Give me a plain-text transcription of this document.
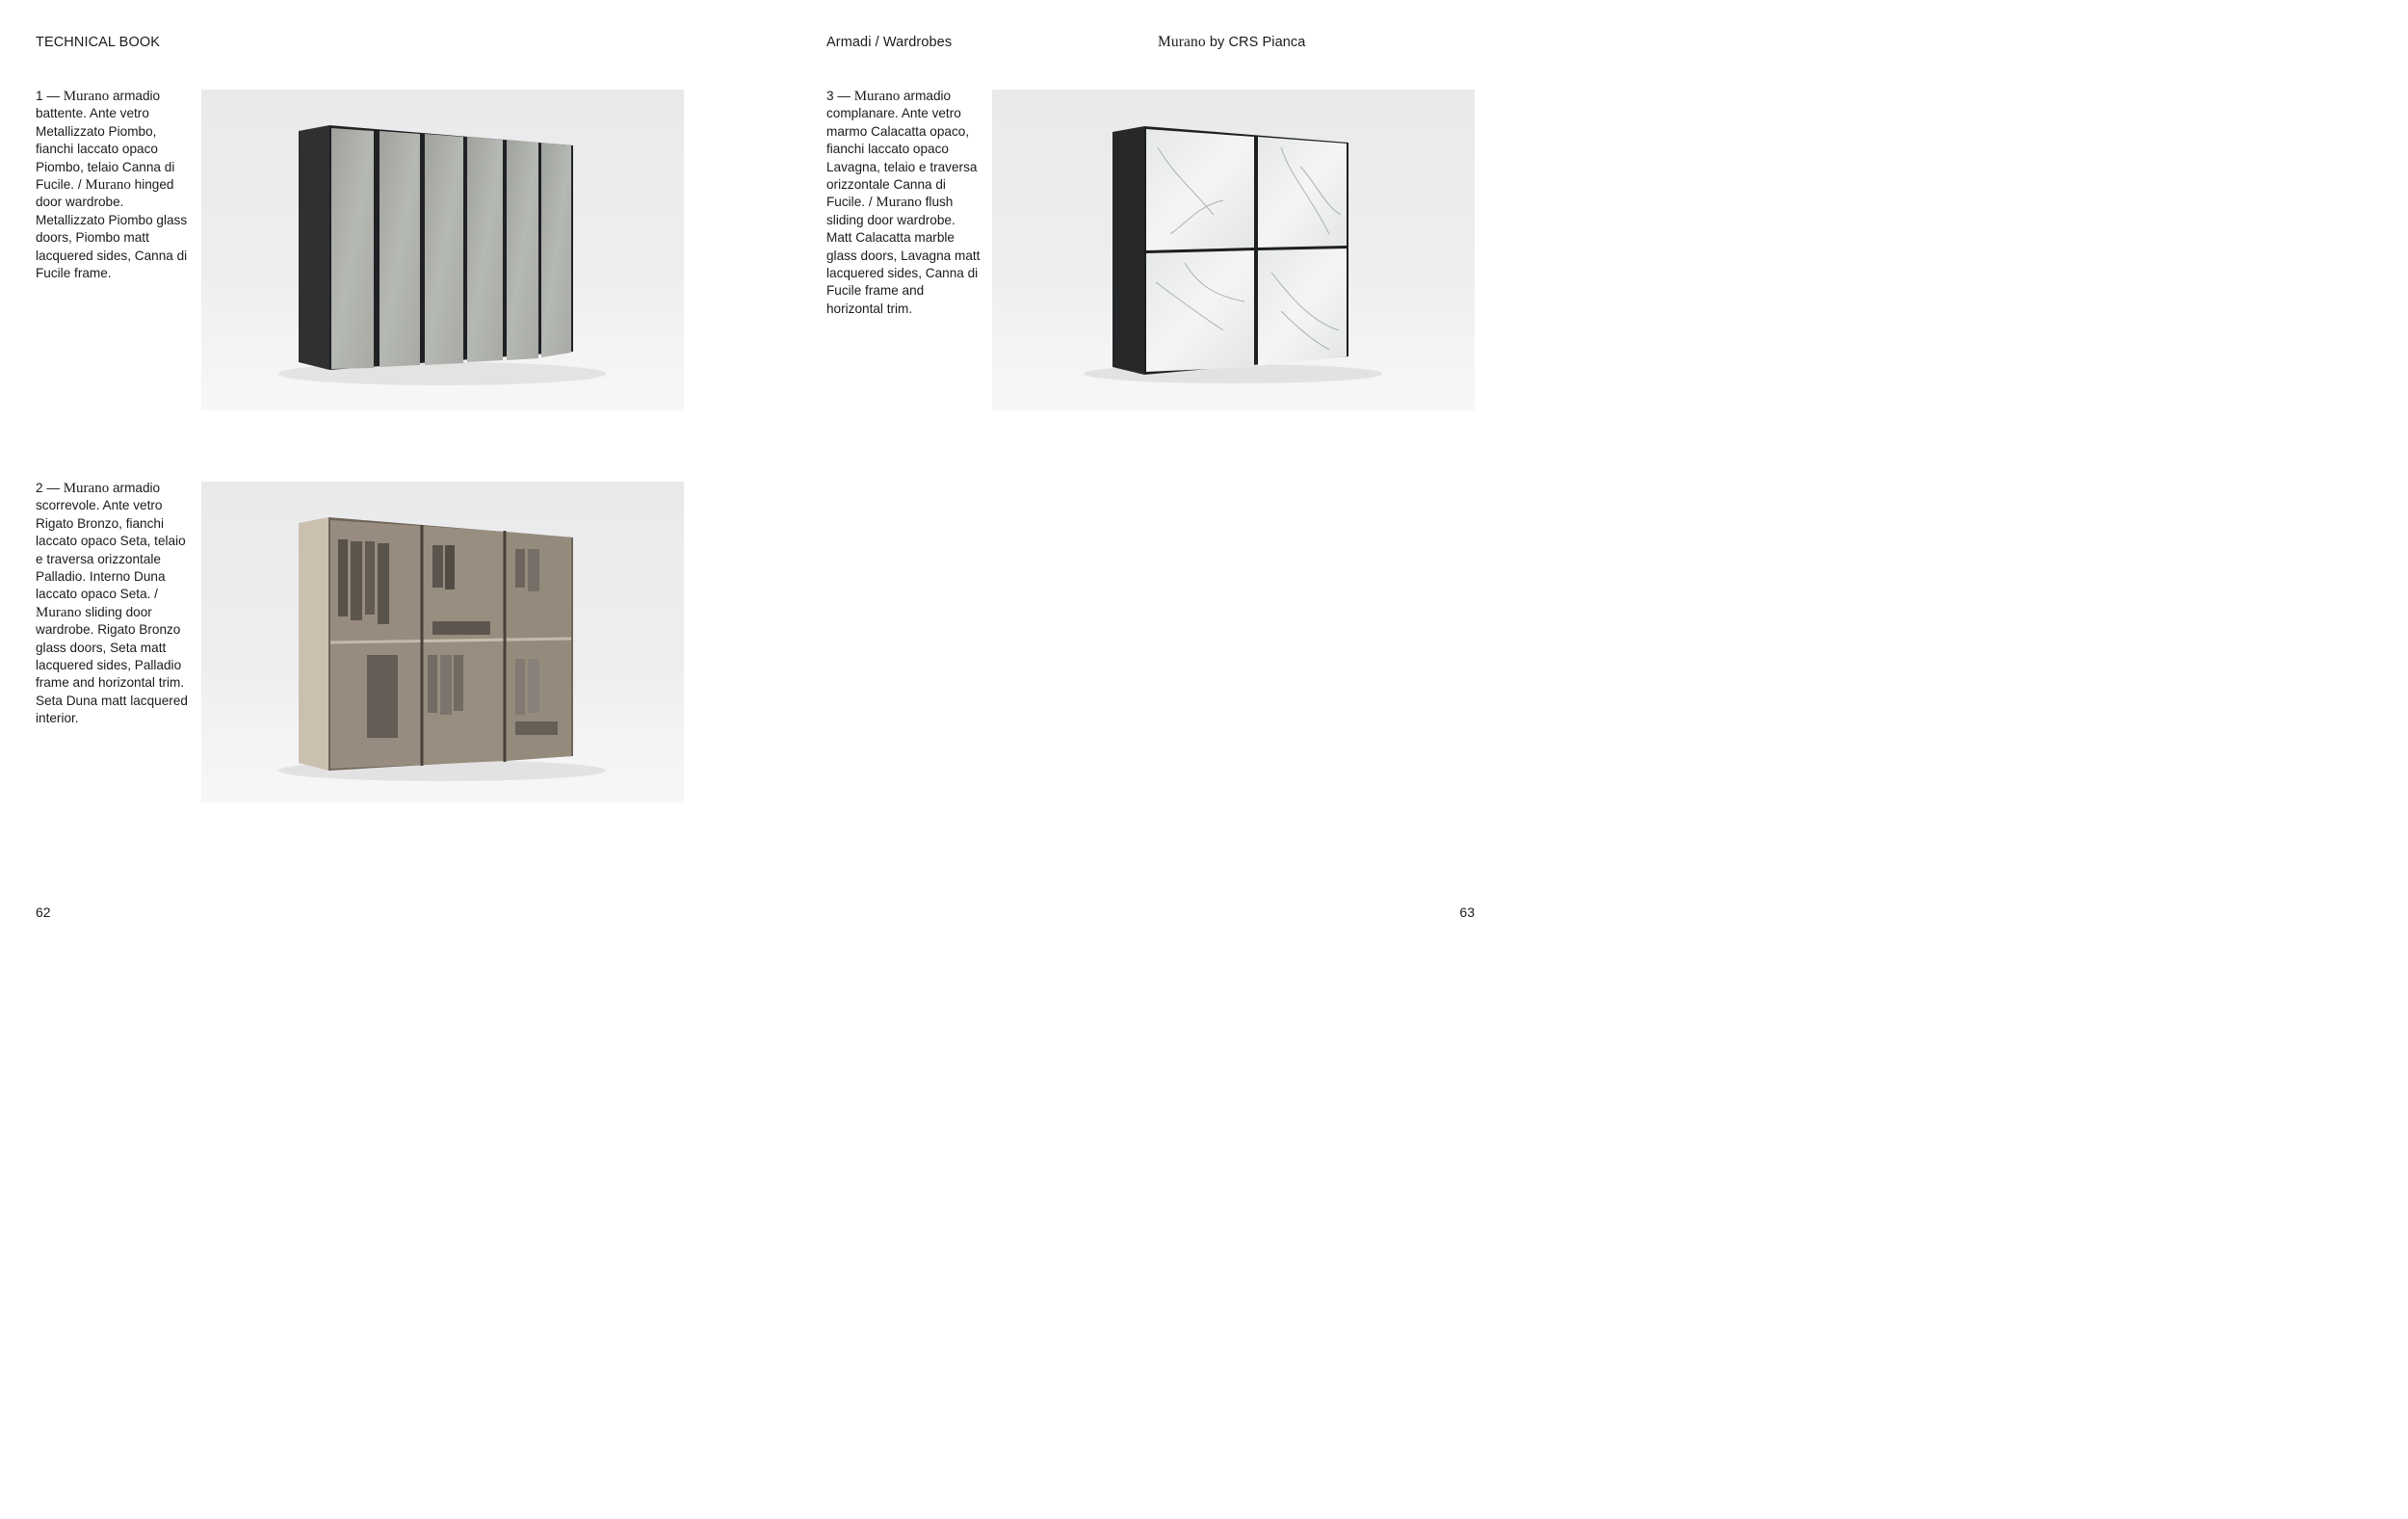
TECHNICAL BOOK	Armadi / Wardrobes	Murano by CRS Pianca
1 — Murano armadio battente. Ante vetro Metallizzato Piombo, fianchi laccato opaco Piombo, telaio Canna di Fucile. / Murano hinged door wardrobe. Metallizzato Piombo glass doors, Piombo matt lacquered sides, Canna di Fucile frame.
2 — Murano armadio scorrevole. Ante vetro Rigato Bronzo, fianchi laccato opaco Seta, telaio e traversa orizzontale Palladio. Interno Duna laccato opaco Seta. / Murano sliding door wardrobe. Rigato Bronzo glass doors, Seta matt lacquered sides, Palladio frame and horizontal trim. Seta Duna matt lacquered interior.
3 — Murano armadio complanare. Ante vetro marmo Calacatta opaco, fianchi laccato opaco Lavagna, telaio e traversa orizzontale Canna di Fucile. / Murano flush sliding door wardrobe. Matt Calacatta marble glass doors, Lavagna matt lacquered sides, Canna di Fucile frame and horizontal trim.
62	63
